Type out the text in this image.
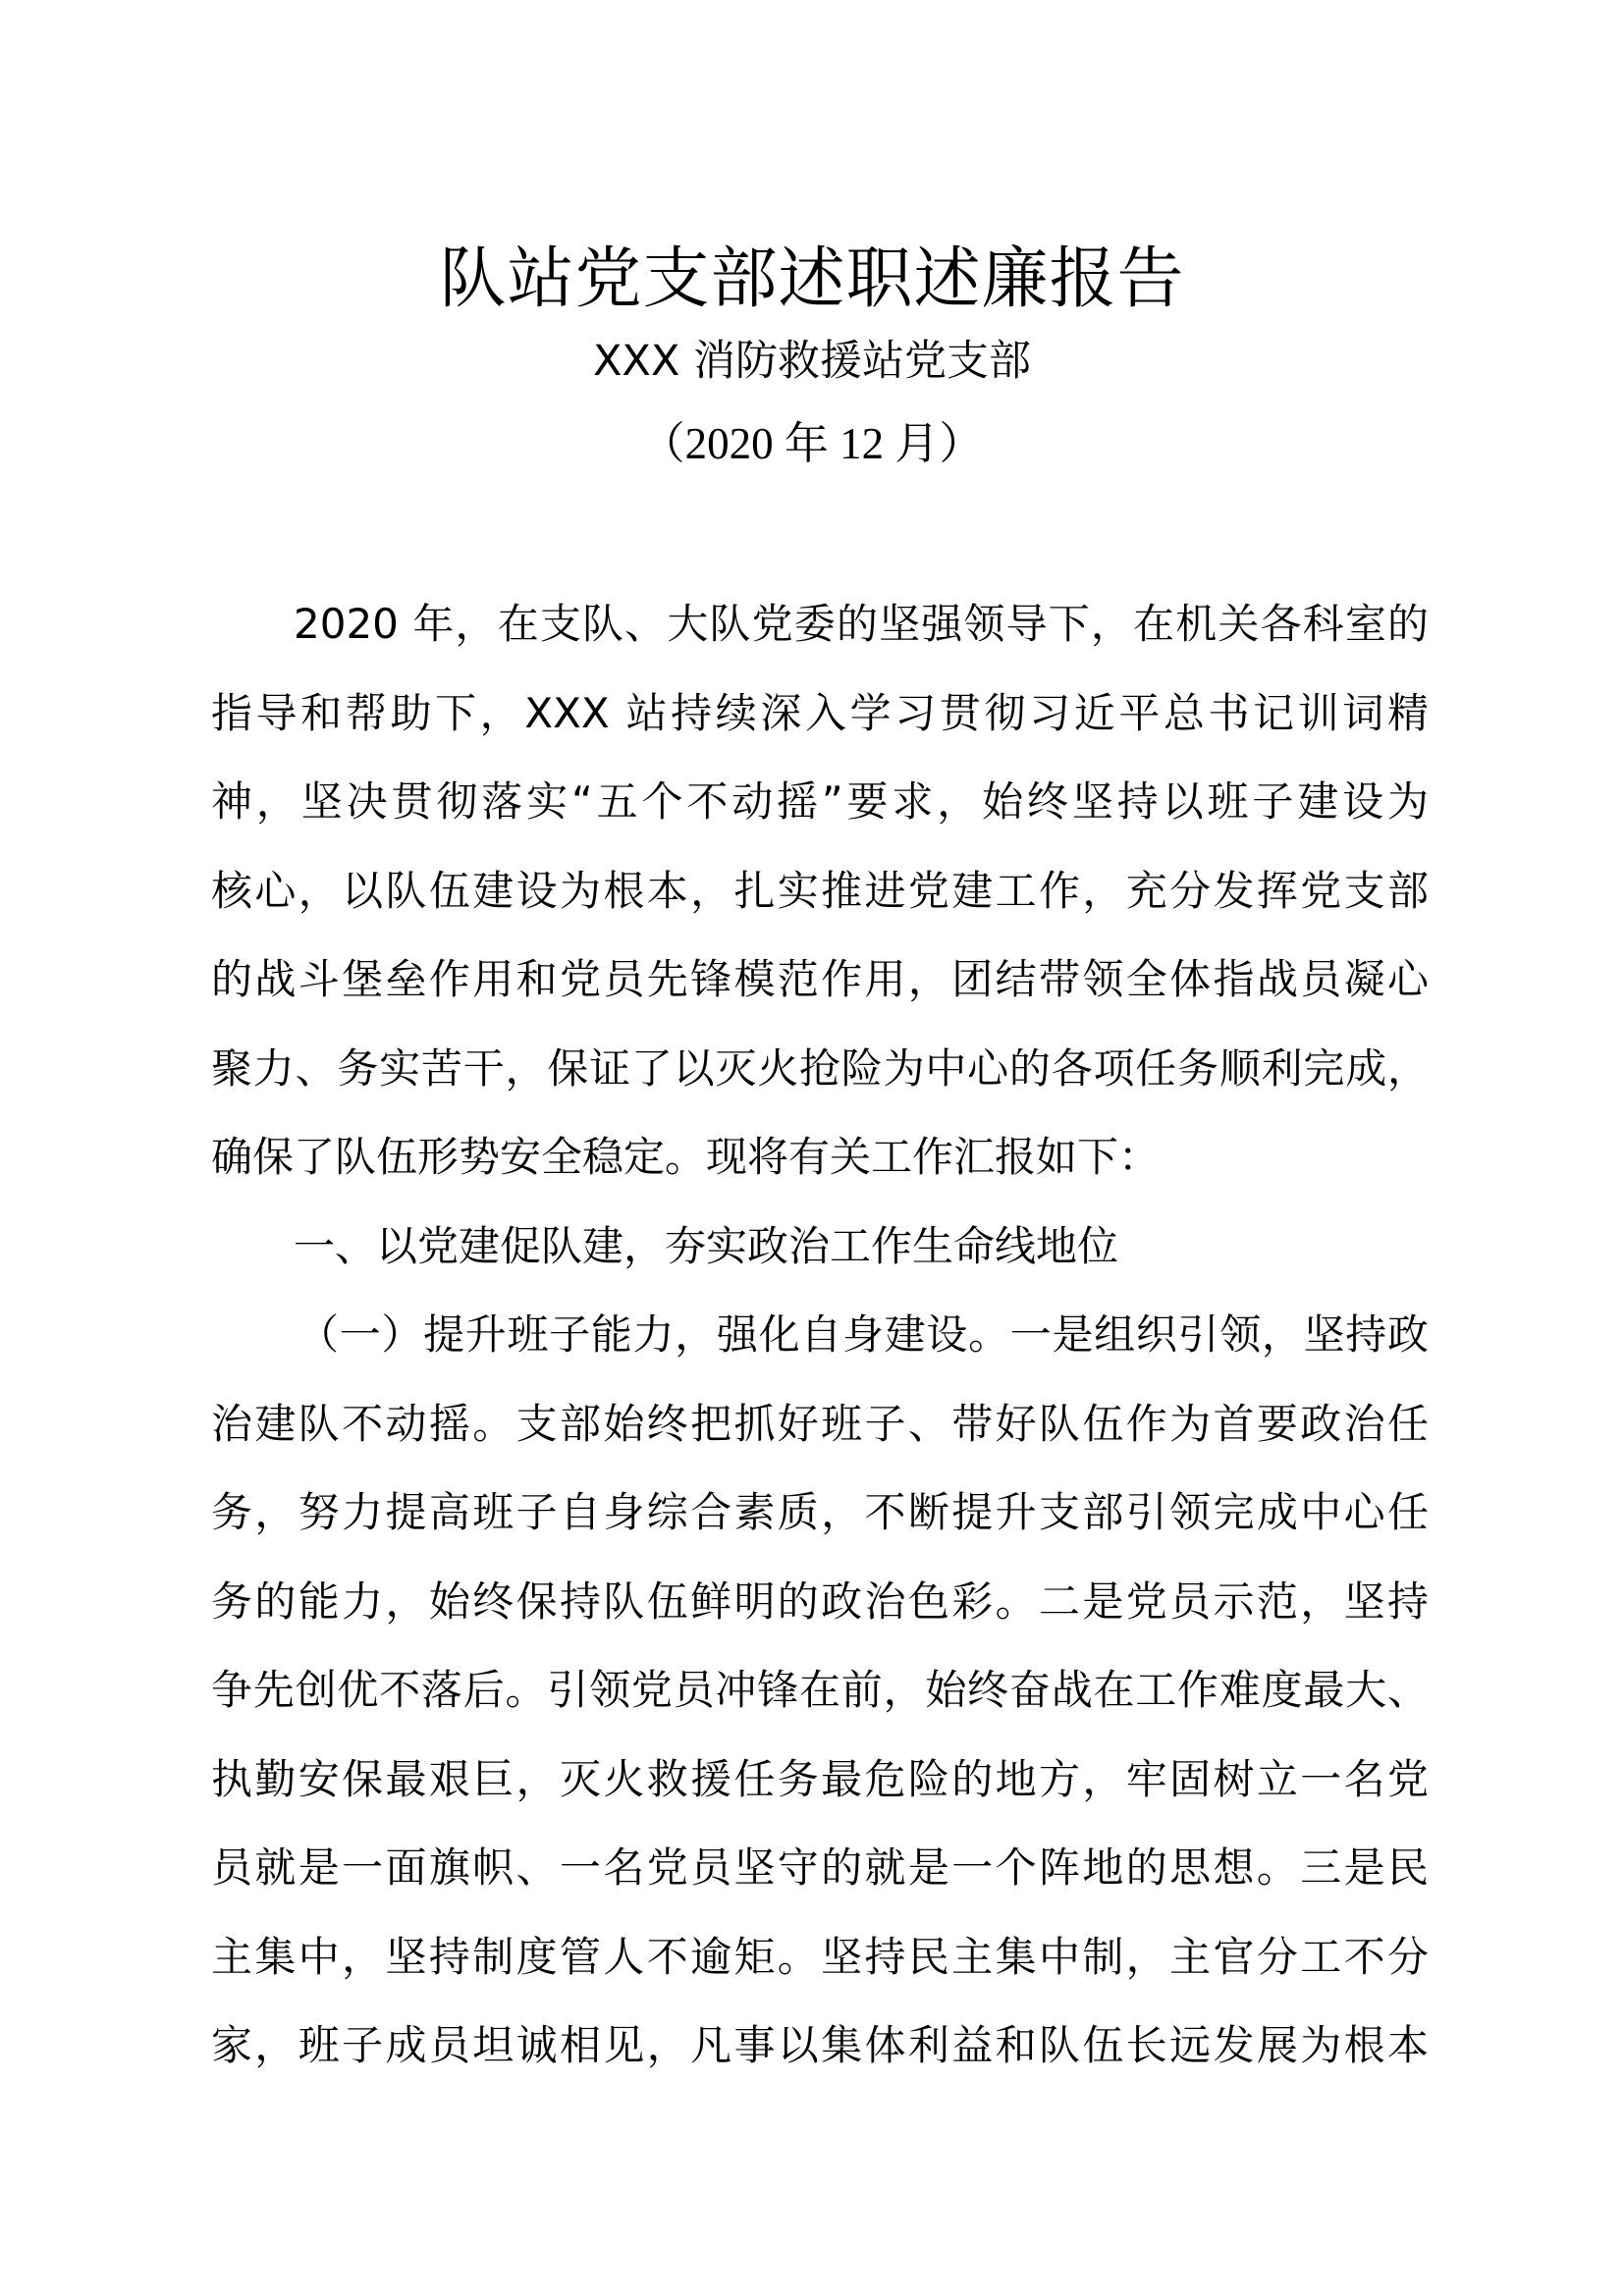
队站党支部述职述廉报告
XXX 消防救援站党支部
（2020 年 12 月）
2020 年，在支队、大队党委的坚强领导下，在机关各科室的
指导和帮助下，XXX 站持续深入学习贯彻习近平总书记训词精
神，坚决贯彻落实“五个不动摇”要求，始终坚持以班子建设为
核心，以队伍建设为根本，扎实推进党建工作，充分发挥党支部
的战斗堡垒作用和党员先锋模范作用，团结带领全体指战员凝心
聚力、务实苦干，保证了以灭火抢险为中心的各项任务顺利完成，
确保了队伍形势安全稳定。现将有关工作汇报如下：
一、以党建促队建，夯实政治工作生命线地位
（一）提升班子能力，强化自身建设。一是组织引领，坚持政
治建队不动摇。支部始终把抓好班子、带好队伍作为首要政治任
务，努力提高班子自身综合素质，不断提升支部引领完成中心任
务的能力，始终保持队伍鲜明的政治色彩。二是党员示范，坚持
争先创优不落后。引领党员冲锋在前，始终奋战在工作难度最大、
执勤安保最艰巨，灭火救援任务最危险的地方，牢固树立一名党
员就是一面旗帜、一名党员坚守的就是一个阵地的思想。三是民
主集中，坚持制度管人不逾矩。坚持民主集中制，主官分工不分
家，班子成员坦诚相见，凡事以集体利益和队伍长远发展为根本
